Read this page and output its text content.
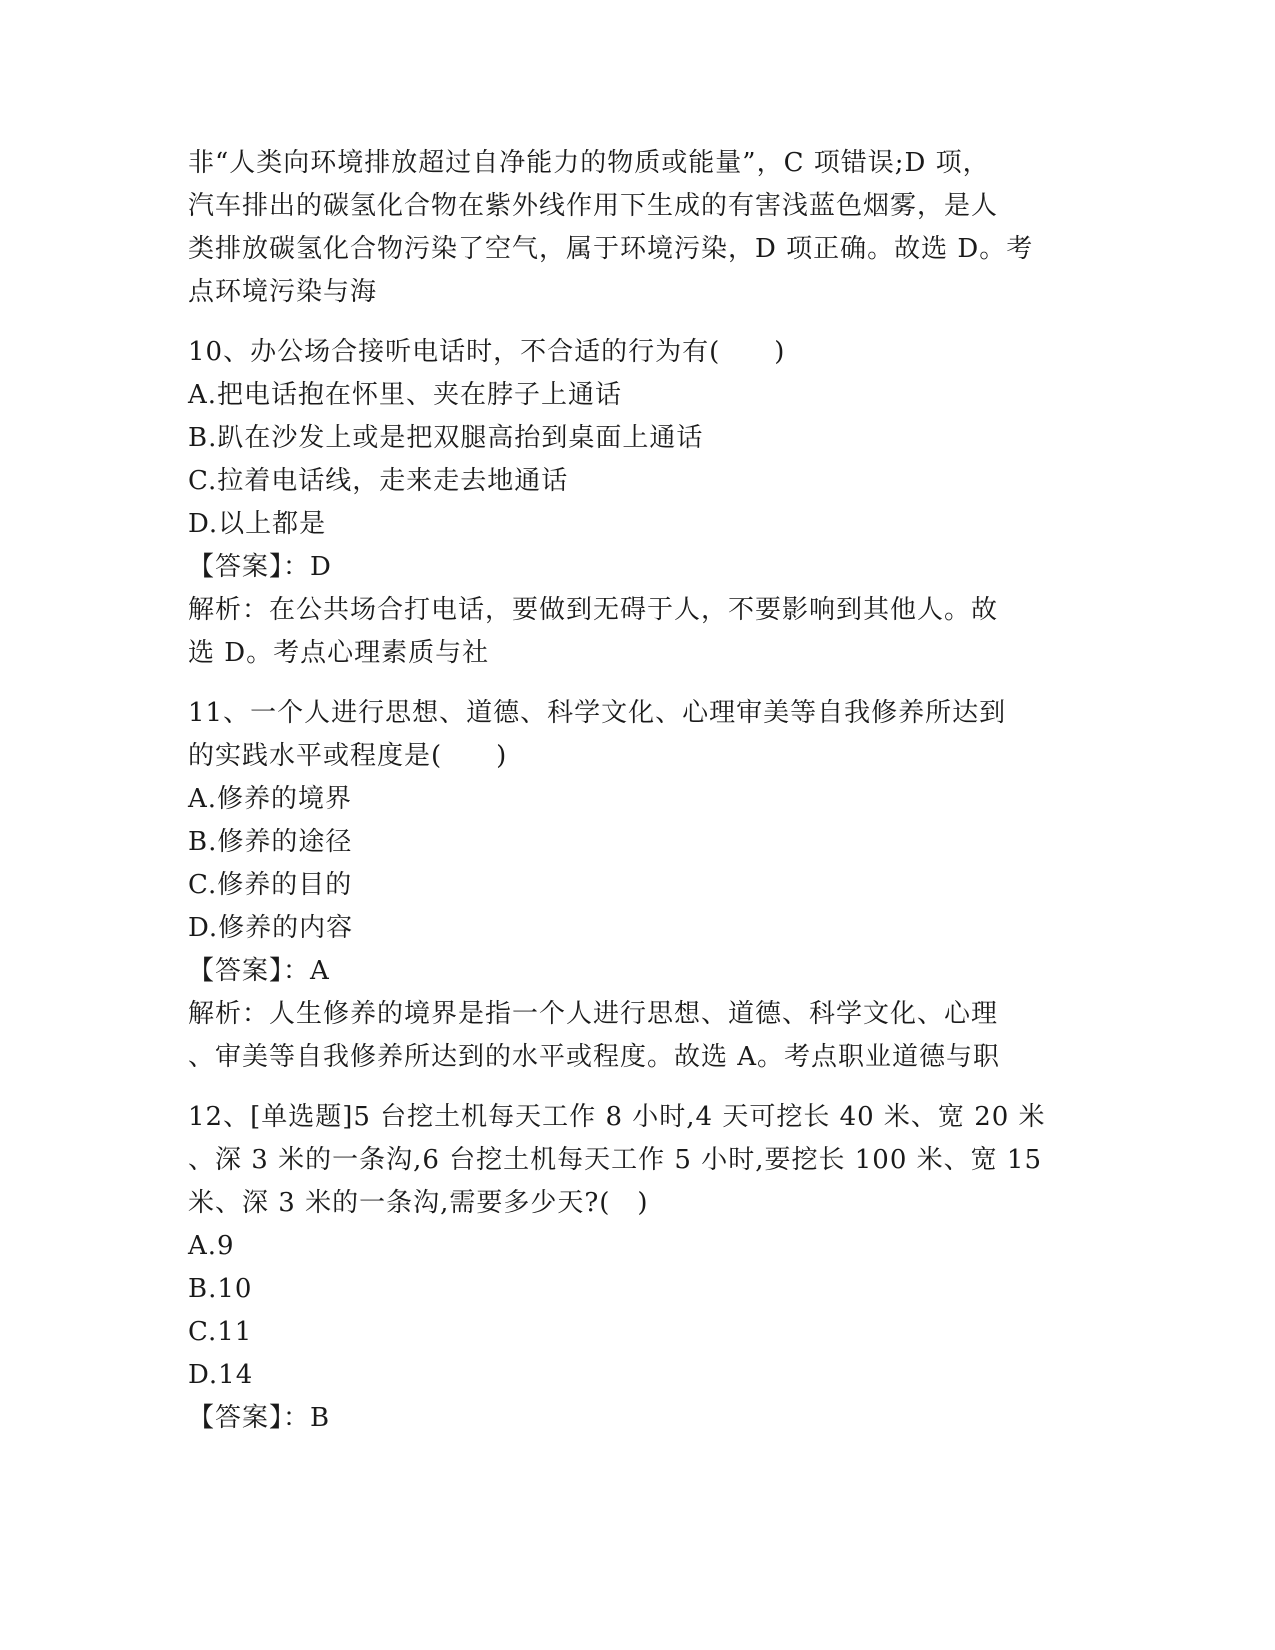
非“人类向环境排放超过自净能力的物质或能量”，C 项错误;D 项，
汽车排出的碳氢化合物在紫外线作用下生成的有害浅蓝色烟雾，是人
类排放碳氢化合物污染了空气，属于环境污染，D 项正确。故选 D。考
点环境污染与海
10、办公场合接听电话时，不合适的行为有(　　)
A.把电话抱在怀里、夹在脖子上通话
B.趴在沙发上或是把双腿高抬到桌面上通话
C.拉着电话线，走来走去地通话
D.以上都是
【答案】：D
解析：在公共场合打电话，要做到无碍于人，不要影响到其他人。故
选 D。考点心理素质与社
11、一个人进行思想、道德、科学文化、心理审美等自我修养所达到
的实践水平或程度是(　　)
A.修养的境界
B.修养的途径
C.修养的目的
D.修养的内容
【答案】：A
解析：人生修养的境界是指一个人进行思想、道德、科学文化、心理
、审美等自我修养所达到的水平或程度。故选 A。考点职业道德与职
12、[单选题]5 台挖土机每天工作 8 小时,4 天可挖长 40 米、宽 20 米
、深 3 米的一条沟,6 台挖土机每天工作 5 小时,要挖长 100 米、宽 15
米、深 3 米的一条沟,需要多少天?(　)
A.9
B.10
C.11
D.14
【答案】：B
